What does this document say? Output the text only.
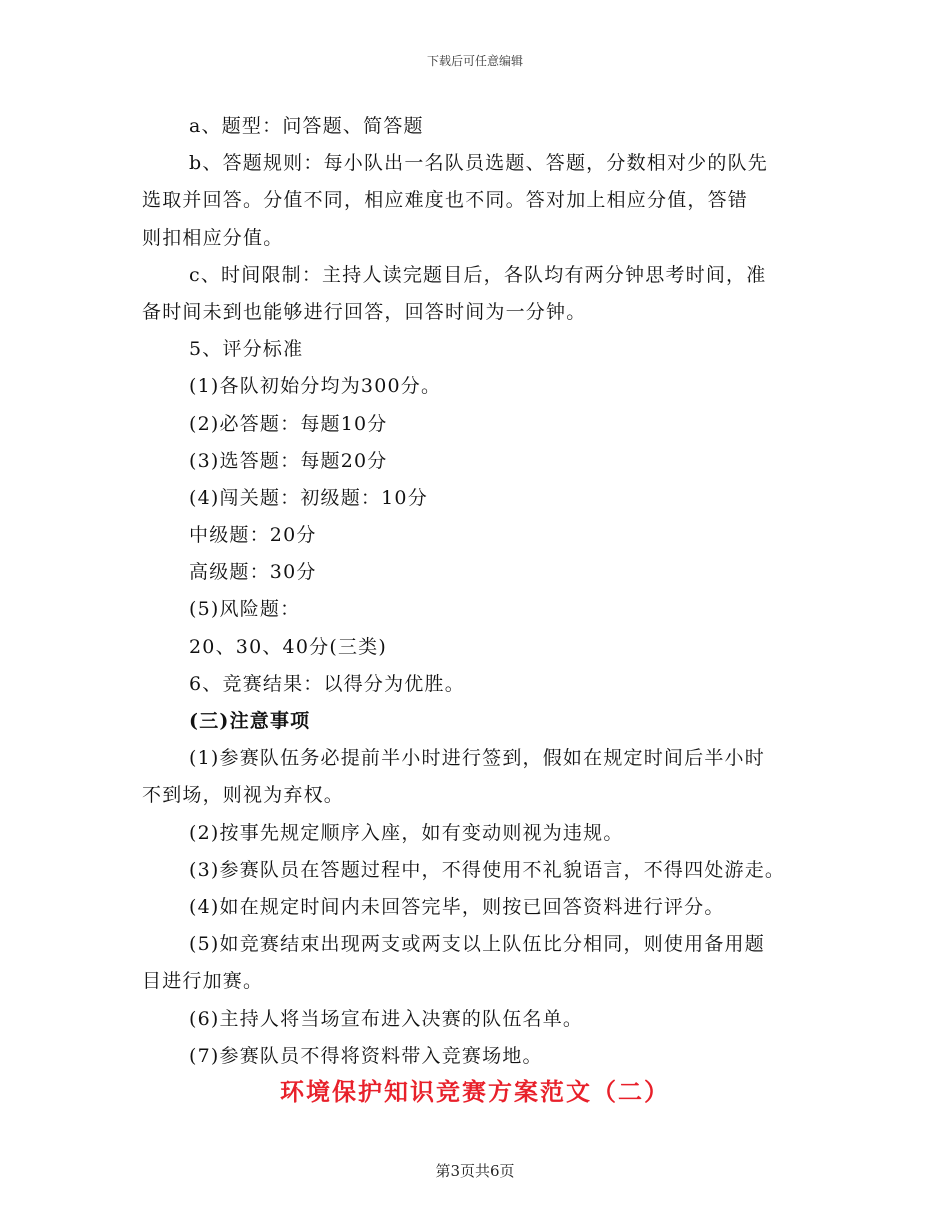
下载后可任意编辑
a、题型：问答题、简答题
b、答题规则：每小队出一名队员选题、答题，分数相对少的队先
选取并回答。分值不同，相应难度也不同。答对加上相应分值，答错
则扣相应分值。
c、时间限制：主持人读完题目后，各队均有两分钟思考时间，准
备时间未到也能够进行回答，回答时间为一分钟。
5、评分标准
(1)各队初始分均为300分。
(2)必答题：每题10分
(3)选答题：每题20分
(4)闯关题：初级题：10分
中级题：20分
高级题：30分
(5)风险题：
20、30、40分(三类)
6、竞赛结果：以得分为优胜。
(三)注意事项
(1)参赛队伍务必提前半小时进行签到，假如在规定时间后半小时
不到场，则视为弃权。
(2)按事先规定顺序入座，如有变动则视为违规。
(3)参赛队员在答题过程中，不得使用不礼貌语言，不得四处游走。
(4)如在规定时间内未回答完毕，则按已回答资料进行评分。
(5)如竞赛结束出现两支或两支以上队伍比分相同，则使用备用题
目进行加赛。
(6)主持人将当场宣布进入决赛的队伍名单。
(7)参赛队员不得将资料带入竞赛场地。
环境保护知识竞赛方案范文（二）
第3页共6页
